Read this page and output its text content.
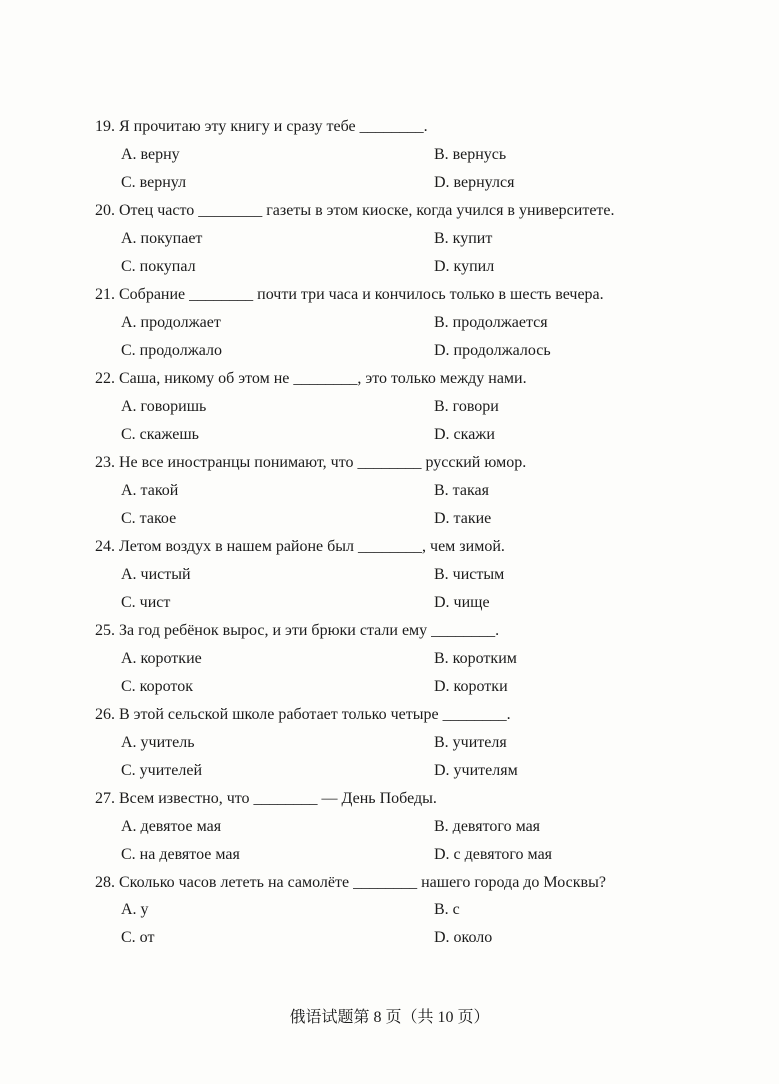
19. Я прочитаю эту книгу и сразу тебе ________.
A. верну	B. вернусь
C. вернул	D. вернулся
20. Отец часто ________ газеты в этом киоске, когда учился в университете.
A. покупает	B. купит
C. покупал	D. купил
21. Собрание ________ почти три часа и кончилось только в шесть вечера.
A. продолжает	B. продолжается
C. продолжало	D. продолжалось
22. Саша, никому об этом не ________, это только между нами.
A. говоришь	B. говори
C. скажешь	D. скажи
23. Не все иностранцы понимают, что ________ русский юмор.
A. такой	B. такая
C. такое	D. такие
24. Летом воздух в нашем районе был ________, чем зимой.
A. чистый	B. чистым
C. чист	D. чище
25. За год ребёнок вырос, и эти брюки стали ему ________.
A. короткие	B. коротким
C. короток	D. коротки
26. В этой сельской школе работает только четыре ________.
A. учитель	B. учителя
C. учителей	D. учителям
27. Всем известно, что ________ — День Победы.
A. девятое мая	B. девятого мая
C. на девятое мая	D. с девятого мая
28. Сколько часов лететь на самолёте ________ нашего города до Москвы?
A. у	B. с
C. от	D. около
俄语试题第 8 页（共 10 页）
